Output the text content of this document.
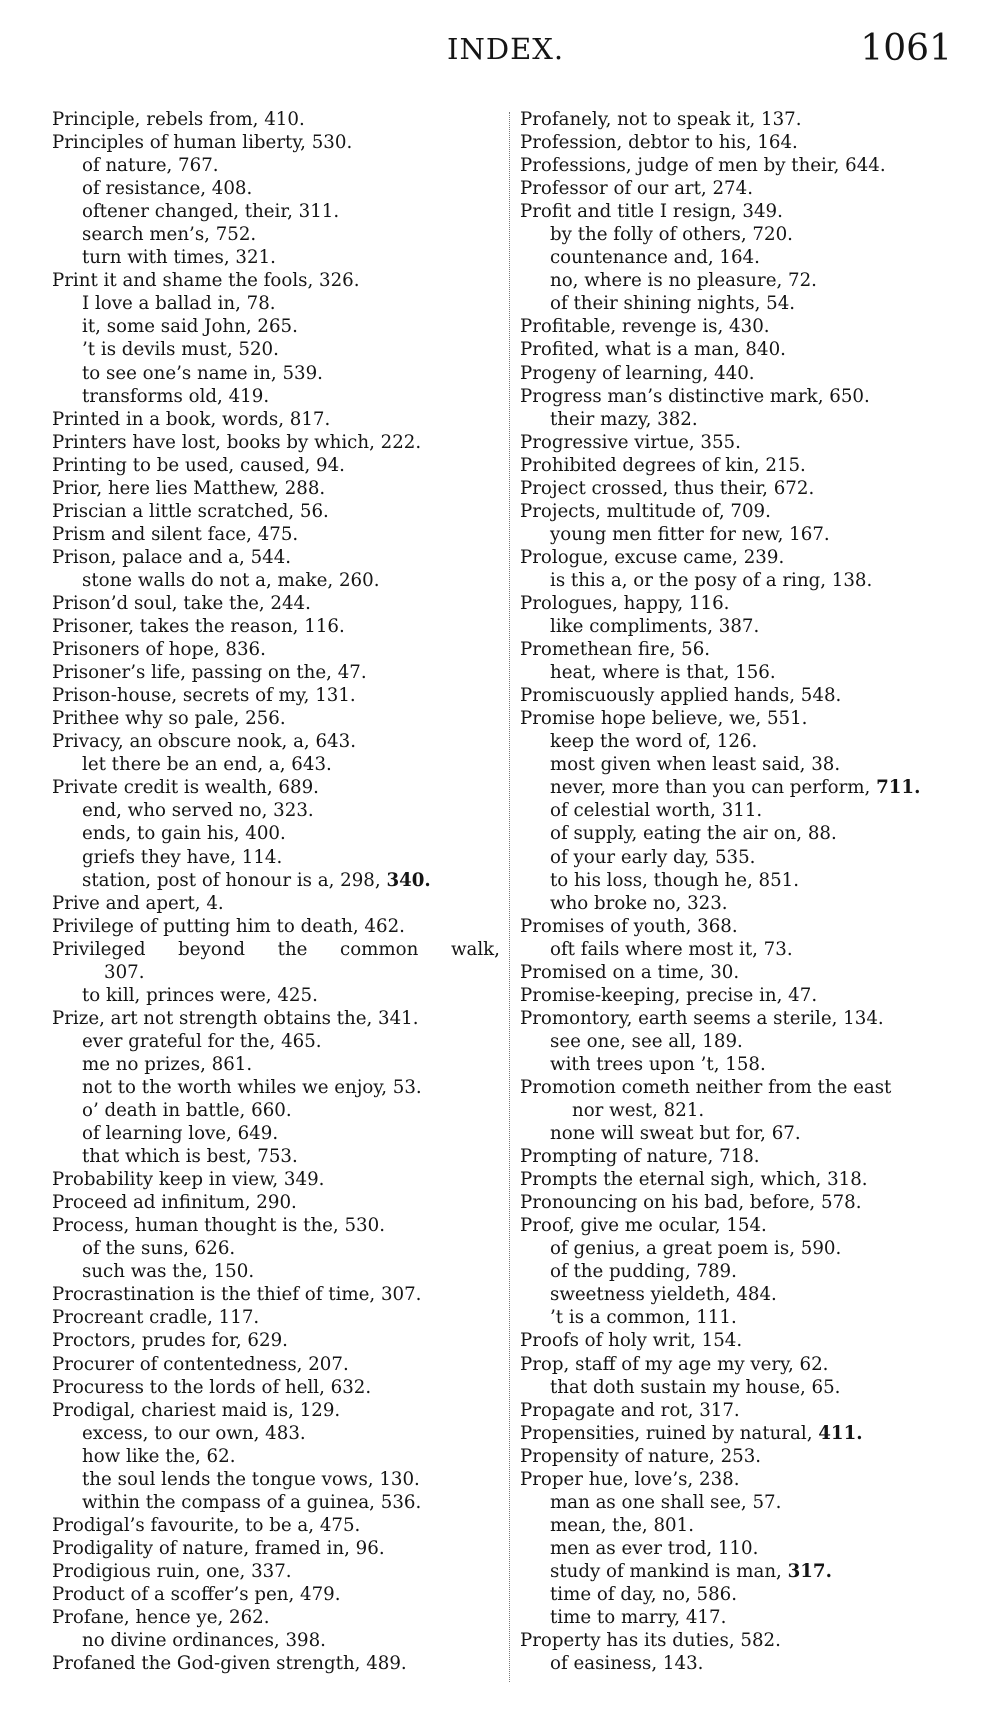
INDEX.	1061
Principle, rebels from, 410.
Principles of human liberty, 530.
of nature, 767.
of resistance, 408.
oftener changed, their, 311.
search men’s, 752.
turn with times, 321.
Print it and shame the fools, 326.
I love a ballad in, 78.
it, some said John, 265.
’t is devils must, 520.
to see one’s name in, 539.
transforms old, 419.
Printed in a book, words, 817.
Printers have lost, books by which, 222.
Printing to be used, caused, 94.
Prior, here lies Matthew, 288.
Priscian a little scratched, 56.
Prism and silent face, 475.
Prison, palace and a, 544.
stone walls do not a, make, 260.
Prison’d soul, take the, 244.
Prisoner, takes the reason, 116.
Prisoners of hope, 836.
Prisoner’s life, passing on the, 47.
Prison-house, secrets of my, 131.
Prithee why so pale, 256.
Privacy, an obscure nook, a, 643.
let there be an end, a, 643.
Private credit is wealth, 689.
end, who served no, 323.
ends, to gain his, 400.
griefs they have, 114.
station, post of honour is a, 298, 340.
Prive and apert, 4.
Privilege of putting him to death, 462.
Privileged beyond the common walk,
307.
to kill, princes were, 425.
Prize, art not strength obtains the, 341.
ever grateful for the, 465.
me no prizes, 861.
not to the worth whiles we enjoy, 53.
o’ death in battle, 660.
of learning love, 649.
that which is best, 753.
Probability keep in view, 349.
Proceed ad infinitum, 290.
Process, human thought is the, 530.
of the suns, 626.
such was the, 150.
Procrastination is the thief of time, 307.
Procreant cradle, 117.
Proctors, prudes for, 629.
Procurer of contentedness, 207.
Procuress to the lords of hell, 632.
Prodigal, chariest maid is, 129.
excess, to our own, 483.
how like the, 62.
the soul lends the tongue vows, 130.
within the compass of a guinea, 536.
Prodigal’s favourite, to be a, 475.
Prodigality of nature, framed in, 96.
Prodigious ruin, one, 337.
Product of a scoffer’s pen, 479.
Profane, hence ye, 262.
no divine ordinances, 398.
Profaned the God-given strength, 489.
Profanely, not to speak it, 137.
Profession, debtor to his, 164.
Professions, judge of men by their, 644.
Professor of our art, 274.
Profit and title I resign, 349.
by the folly of others, 720.
countenance and, 164.
no, where is no pleasure, 72.
of their shining nights, 54.
Profitable, revenge is, 430.
Profited, what is a man, 840.
Progeny of learning, 440.
Progress man’s distinctive mark, 650.
their mazy, 382.
Progressive virtue, 355.
Prohibited degrees of kin, 215.
Project crossed, thus their, 672.
Projects, multitude of, 709.
young men fitter for new, 167.
Prologue, excuse came, 239.
is this a, or the posy of a ring, 138.
Prologues, happy, 116.
like compliments, 387.
Promethean fire, 56.
heat, where is that, 156.
Promiscuously applied hands, 548.
Promise hope believe, we, 551.
keep the word of, 126.
most given when least said, 38.
never, more than you can perform, 711.
of celestial worth, 311.
of supply, eating the air on, 88.
of your early day, 535.
to his loss, though he, 851.
who broke no, 323.
Promises of youth, 368.
oft fails where most it, 73.
Promised on a time, 30.
Promise-keeping, precise in, 47.
Promontory, earth seems a sterile, 134.
see one, see all, 189.
with trees upon ’t, 158.
Promotion cometh neither from the east
nor west, 821.
none will sweat but for, 67.
Prompting of nature, 718.
Prompts the eternal sigh, which, 318.
Pronouncing on his bad, before, 578.
Proof, give me ocular, 154.
of genius, a great poem is, 590.
of the pudding, 789.
sweetness yieldeth, 484.
’t is a common, 111.
Proofs of holy writ, 154.
Prop, staff of my age my very, 62.
that doth sustain my house, 65.
Propagate and rot, 317.
Propensities, ruined by natural, 411.
Propensity of nature, 253.
Proper hue, love’s, 238.
man as one shall see, 57.
mean, the, 801.
men as ever trod, 110.
study of mankind is man, 317.
time of day, no, 586.
time to marry, 417.
Property has its duties, 582.
of easiness, 143.
